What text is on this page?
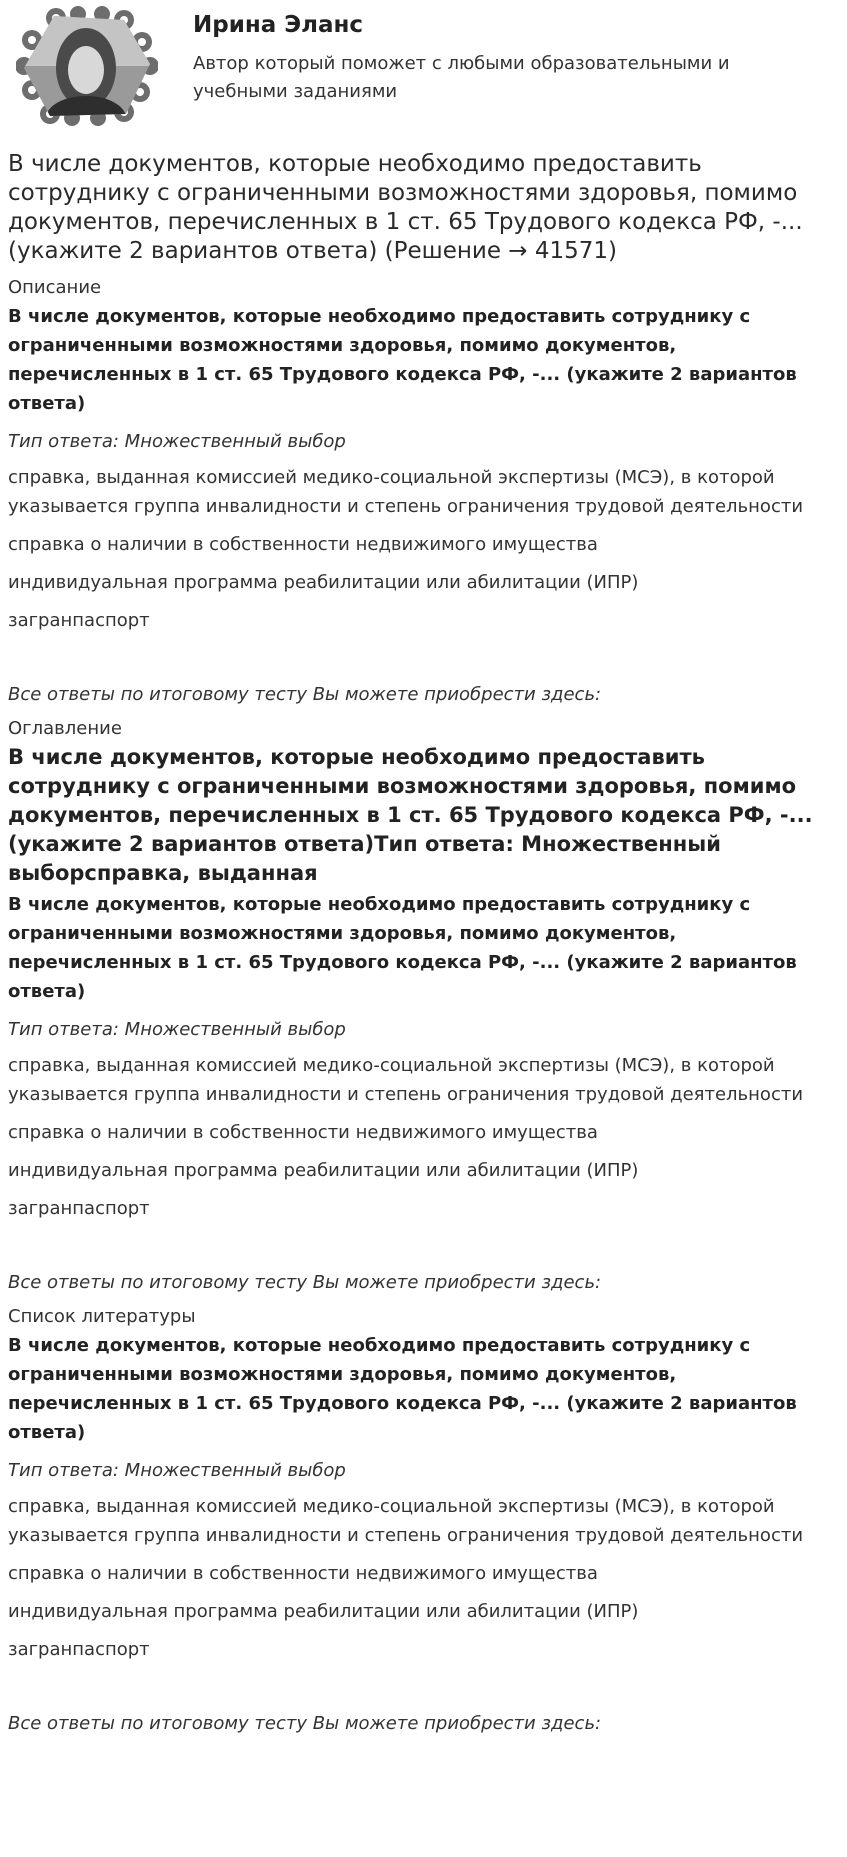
Ирина Эланс
Автор который поможет с любыми образовательными и учебными заданиями
В числе документов, которые необходимо предоставить сотруднику с ограниченными возможностями здоровья, помимо документов, перечисленных в 1 ст. 65 Трудового кодекса РФ, -... (укажите 2 вариантов ответа) (Решение → 41571)
Описание
В числе документов, которые необходимо предоставить сотруднику с ограниченными возможностями здоровья, помимо документов, перечисленных в 1 ст. 65 Трудового кодекса РФ, -... (укажите 2 вариантов ответа)
Тип ответа: Множественный выбор
справка, выданная комиссией медико-социальной экспертизы (МСЭ), в которой указывается группа инвалидности и степень ограничения трудовой деятельности
справка о наличии в собственности недвижимого имущества
индивидуальная программа реабилитации или абилитации (ИПР)
загранпаспорт
Все ответы по итоговому тесту Вы можете приобрести здесь:
Оглавление
В числе документов, которые необходимо предоставить сотруднику с ограниченными возможностями здоровья, помимо документов, перечисленных в 1 ст. 65 Трудового кодекса РФ, -... (укажите 2 вариантов ответа)Тип ответа: Множественный выборсправка, выданная
В числе документов, которые необходимо предоставить сотруднику с ограниченными возможностями здоровья, помимо документов, перечисленных в 1 ст. 65 Трудового кодекса РФ, -... (укажите 2 вариантов ответа)
Тип ответа: Множественный выбор
справка, выданная комиссией медико-социальной экспертизы (МСЭ), в которой указывается группа инвалидности и степень ограничения трудовой деятельности
справка о наличии в собственности недвижимого имущества
индивидуальная программа реабилитации или абилитации (ИПР)
загранпаспорт
Все ответы по итоговому тесту Вы можете приобрести здесь:
Список литературы
В числе документов, которые необходимо предоставить сотруднику с ограниченными возможностями здоровья, помимо документов, перечисленных в 1 ст. 65 Трудового кодекса РФ, -... (укажите 2 вариантов ответа)
Тип ответа: Множественный выбор
справка, выданная комиссией медико-социальной экспертизы (МСЭ), в которой указывается группа инвалидности и степень ограничения трудовой деятельности
справка о наличии в собственности недвижимого имущества
индивидуальная программа реабилитации или абилитации (ИПР)
загранпаспорт
Все ответы по итоговому тесту Вы можете приобрести здесь:
